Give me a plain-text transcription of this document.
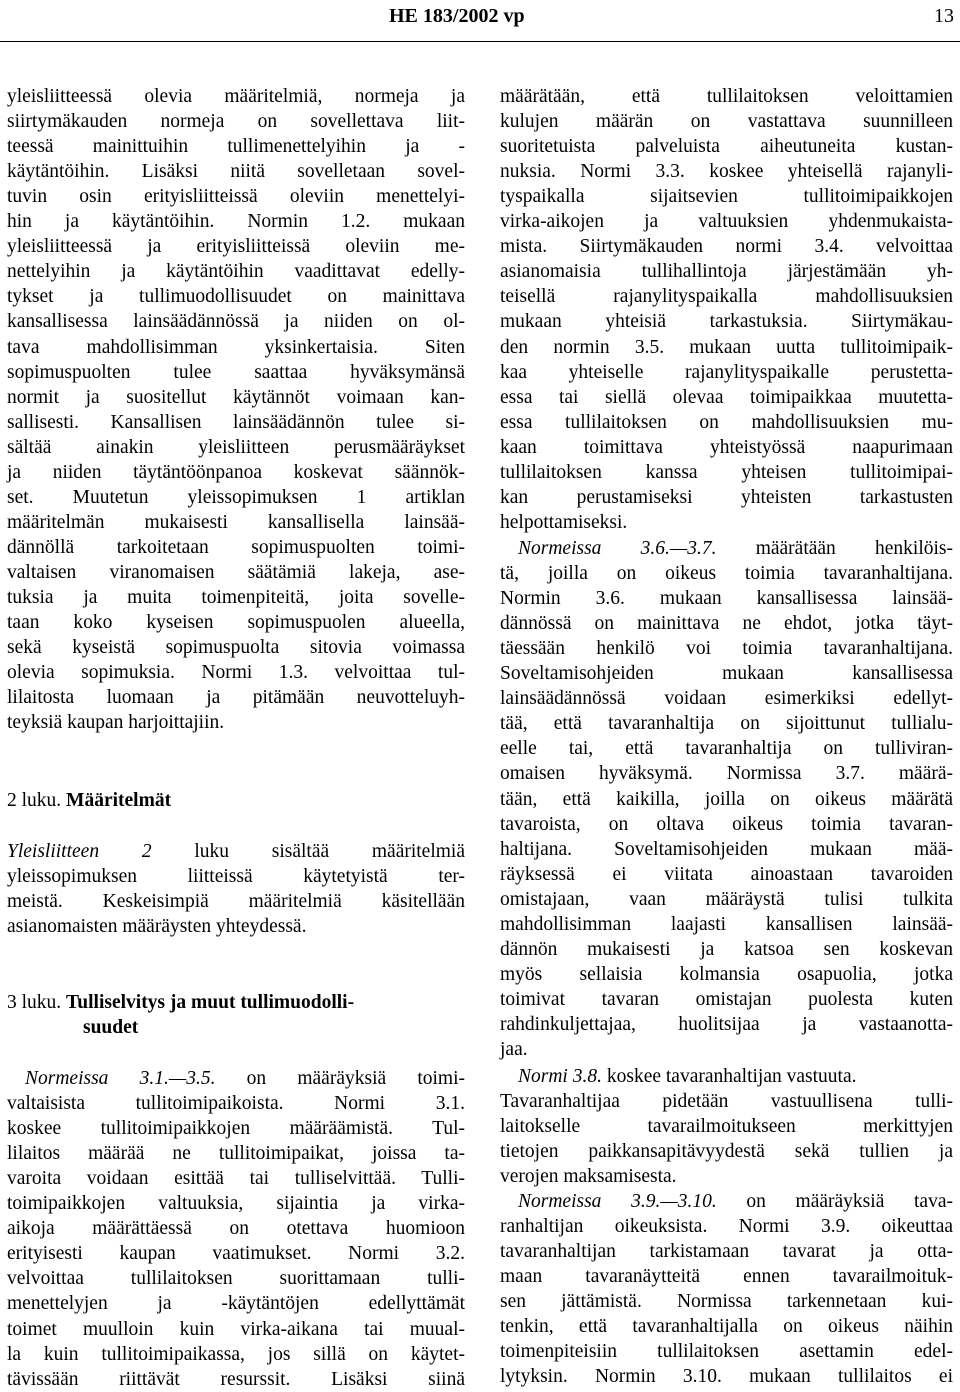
HE 183/2002 vp	13
yleisliitteessä olevia määritelmiä, normeja ja
siirtymäkauden normeja on sovellettava liit-
teessä mainittuihin tullimenettelyihin ja -
käytäntöihin. Lisäksi niitä sovelletaan sovel-
tuvin osin erityisliitteissä oleviin menettelyi-
hin ja käytäntöihin. Normin 1.2. mukaan
yleisliitteessä ja erityisliitteissä oleviin me-
nettelyihin ja käytäntöihin vaadittavat edelly-
tykset ja tullimuodollisuudet on mainittava
kansallisessa lainsäädännössä ja niiden on ol-
tava mahdollisimman yksinkertaisia. Siten
sopimuspuolten tulee saattaa hyväksymänsä
normit ja suositellut käytännöt voimaan kan-
sallisesti. Kansallisen lainsäädännön tulee si-
sältää ainakin yleisliitteen perusmääräykset
ja niiden täytäntöönpanoa koskevat säännök-
set. Muutetun yleissopimuksen 1 artiklan
määritelmän mukaisesti kansallisella lainsää-
dännöllä tarkoitetaan sopimuspuolten toimi-
valtaisen viranomaisen säätämiä lakeja, ase-
tuksia ja muita toimenpiteitä, joita sovelle-
taan koko kyseisen sopimuspuolen alueella,
sekä kyseistä sopimuspuolta sitovia voimassa
olevia sopimuksia. Normi 1.3. velvoittaa tul-
lilaitosta luomaan ja pitämään neuvotteluyh-
teyksiä kaupan harjoittajiin.
2 luku. Määritelmät
Yleisliitteen 2 luku sisältää määritelmiä
yleissopimuksen liitteissä käytetyistä ter-
meistä. Keskeisimpiä määritelmiä käsitellään
asianomaisten määräysten yhteydessä.
3 luku. Tulliselvitys ja muut tullimuodolli-
suudet
Normeissa 3.1.—3.5. on määräyksiä toimi-
valtaisista tullitoimipaikoista. Normi 3.1.
koskee tullitoimipaikkojen määräämistä. Tul-
lilaitos määrää ne tullitoimipaikat, joissa ta-
varoita voidaan esittää tai tulliselvittää. Tulli-
toimipaikkojen valtuuksia, sijaintia ja virka-
aikoja määrättäessä on otettava huomioon
erityisesti kaupan vaatimukset. Normi 3.2.
velvoittaa tullilaitoksen suorittamaan tulli-
menettelyjen ja -käytäntöjen edellyttämät
toimet muulloin kuin virka-aikana tai muual-
la kuin tullitoimipaikassa, jos sillä on käytet-
tävissään riittävät resurssit. Lisäksi siinä
määrätään, että tullilaitoksen veloittamien
kulujen määrän on vastattava suunnilleen
suoritetuista palveluista aiheutuneita kustan-
nuksia. Normi 3.3. koskee yhteisellä rajanyli-
tyspaikalla sijaitsevien tullitoimipaikkojen
virka-aikojen ja valtuuksien yhdenmukaista-
mista. Siirtymäkauden normi 3.4. velvoittaa
asianomaisia tullihallintoja järjestämään yh-
teisellä rajanylityspaikalla mahdollisuuksien
mukaan yhteisiä tarkastuksia. Siirtymäkau-
den normin 3.5. mukaan uutta tullitoimipaik-
kaa yhteiselle rajanylityspaikalle perustetta-
essa tai siellä olevaa toimipaikkaa muutetta-
essa tullilaitoksen on mahdollisuuksien mu-
kaan toimittava yhteistyössä naapurimaan
tullilaitoksen kanssa yhteisen tullitoimipai-
kan perustamiseksi yhteisten tarkastusten
helpottamiseksi.
Normeissa 3.6.—3.7. määrätään henkilöis-
tä, joilla on oikeus toimia tavaranhaltijana.
Normin 3.6. mukaan kansallisessa lainsää-
dännössä on mainittava ne ehdot, jotka täyt-
täessään henkilö voi toimia tavaranhaltijana.
Soveltamisohjeiden mukaan kansallisessa
lainsäädännössä voidaan esimerkiksi edellyt-
tää, että tavaranhaltija on sijoittunut tullialu-
eelle tai, että tavaranhaltija on tulliviran-
omaisen hyväksymä. Normissa 3.7. määrä-
tään, että kaikilla, joilla on oikeus määrätä
tavaroista, on oltava oikeus toimia tavaran-
haltijana. Soveltamisohjeiden mukaan mää-
räyksessä ei viitata ainoastaan tavaroiden
omistajaan, vaan määräystä tulisi tulkita
mahdollisimman laajasti kansallisen lainsää-
dännön mukaisesti ja katsoa sen koskevan
myös sellaisia kolmansia osapuolia, jotka
toimivat tavaran omistajan puolesta kuten
rahdinkuljettajaa, huolitsijaa ja vastaanotta-
jaa.
Normi 3.8. koskee tavaranhaltijan vastuuta.
Tavaranhaltijaa pidetään vastuullisena tulli-
laitokselle tavarailmoitukseen merkittyjen
tietojen paikkansapitävyydestä sekä tullien ja
verojen maksamisesta.
Normeissa 3.9.—3.10. on määräyksiä tava-
ranhaltijan oikeuksista. Normi 3.9. oikeuttaa
tavaranhaltijan tarkistamaan tavarat ja otta-
maan tavaranäytteitä ennen tavarailmoituk-
sen jättämistä. Normissa tarkennetaan kui-
tenkin, että tavaranhaltijalla on oikeus näihin
toimenpiteisiin tullilaitoksen asettamin edel-
lytyksin. Normin 3.10. mukaan tullilaitos ei
